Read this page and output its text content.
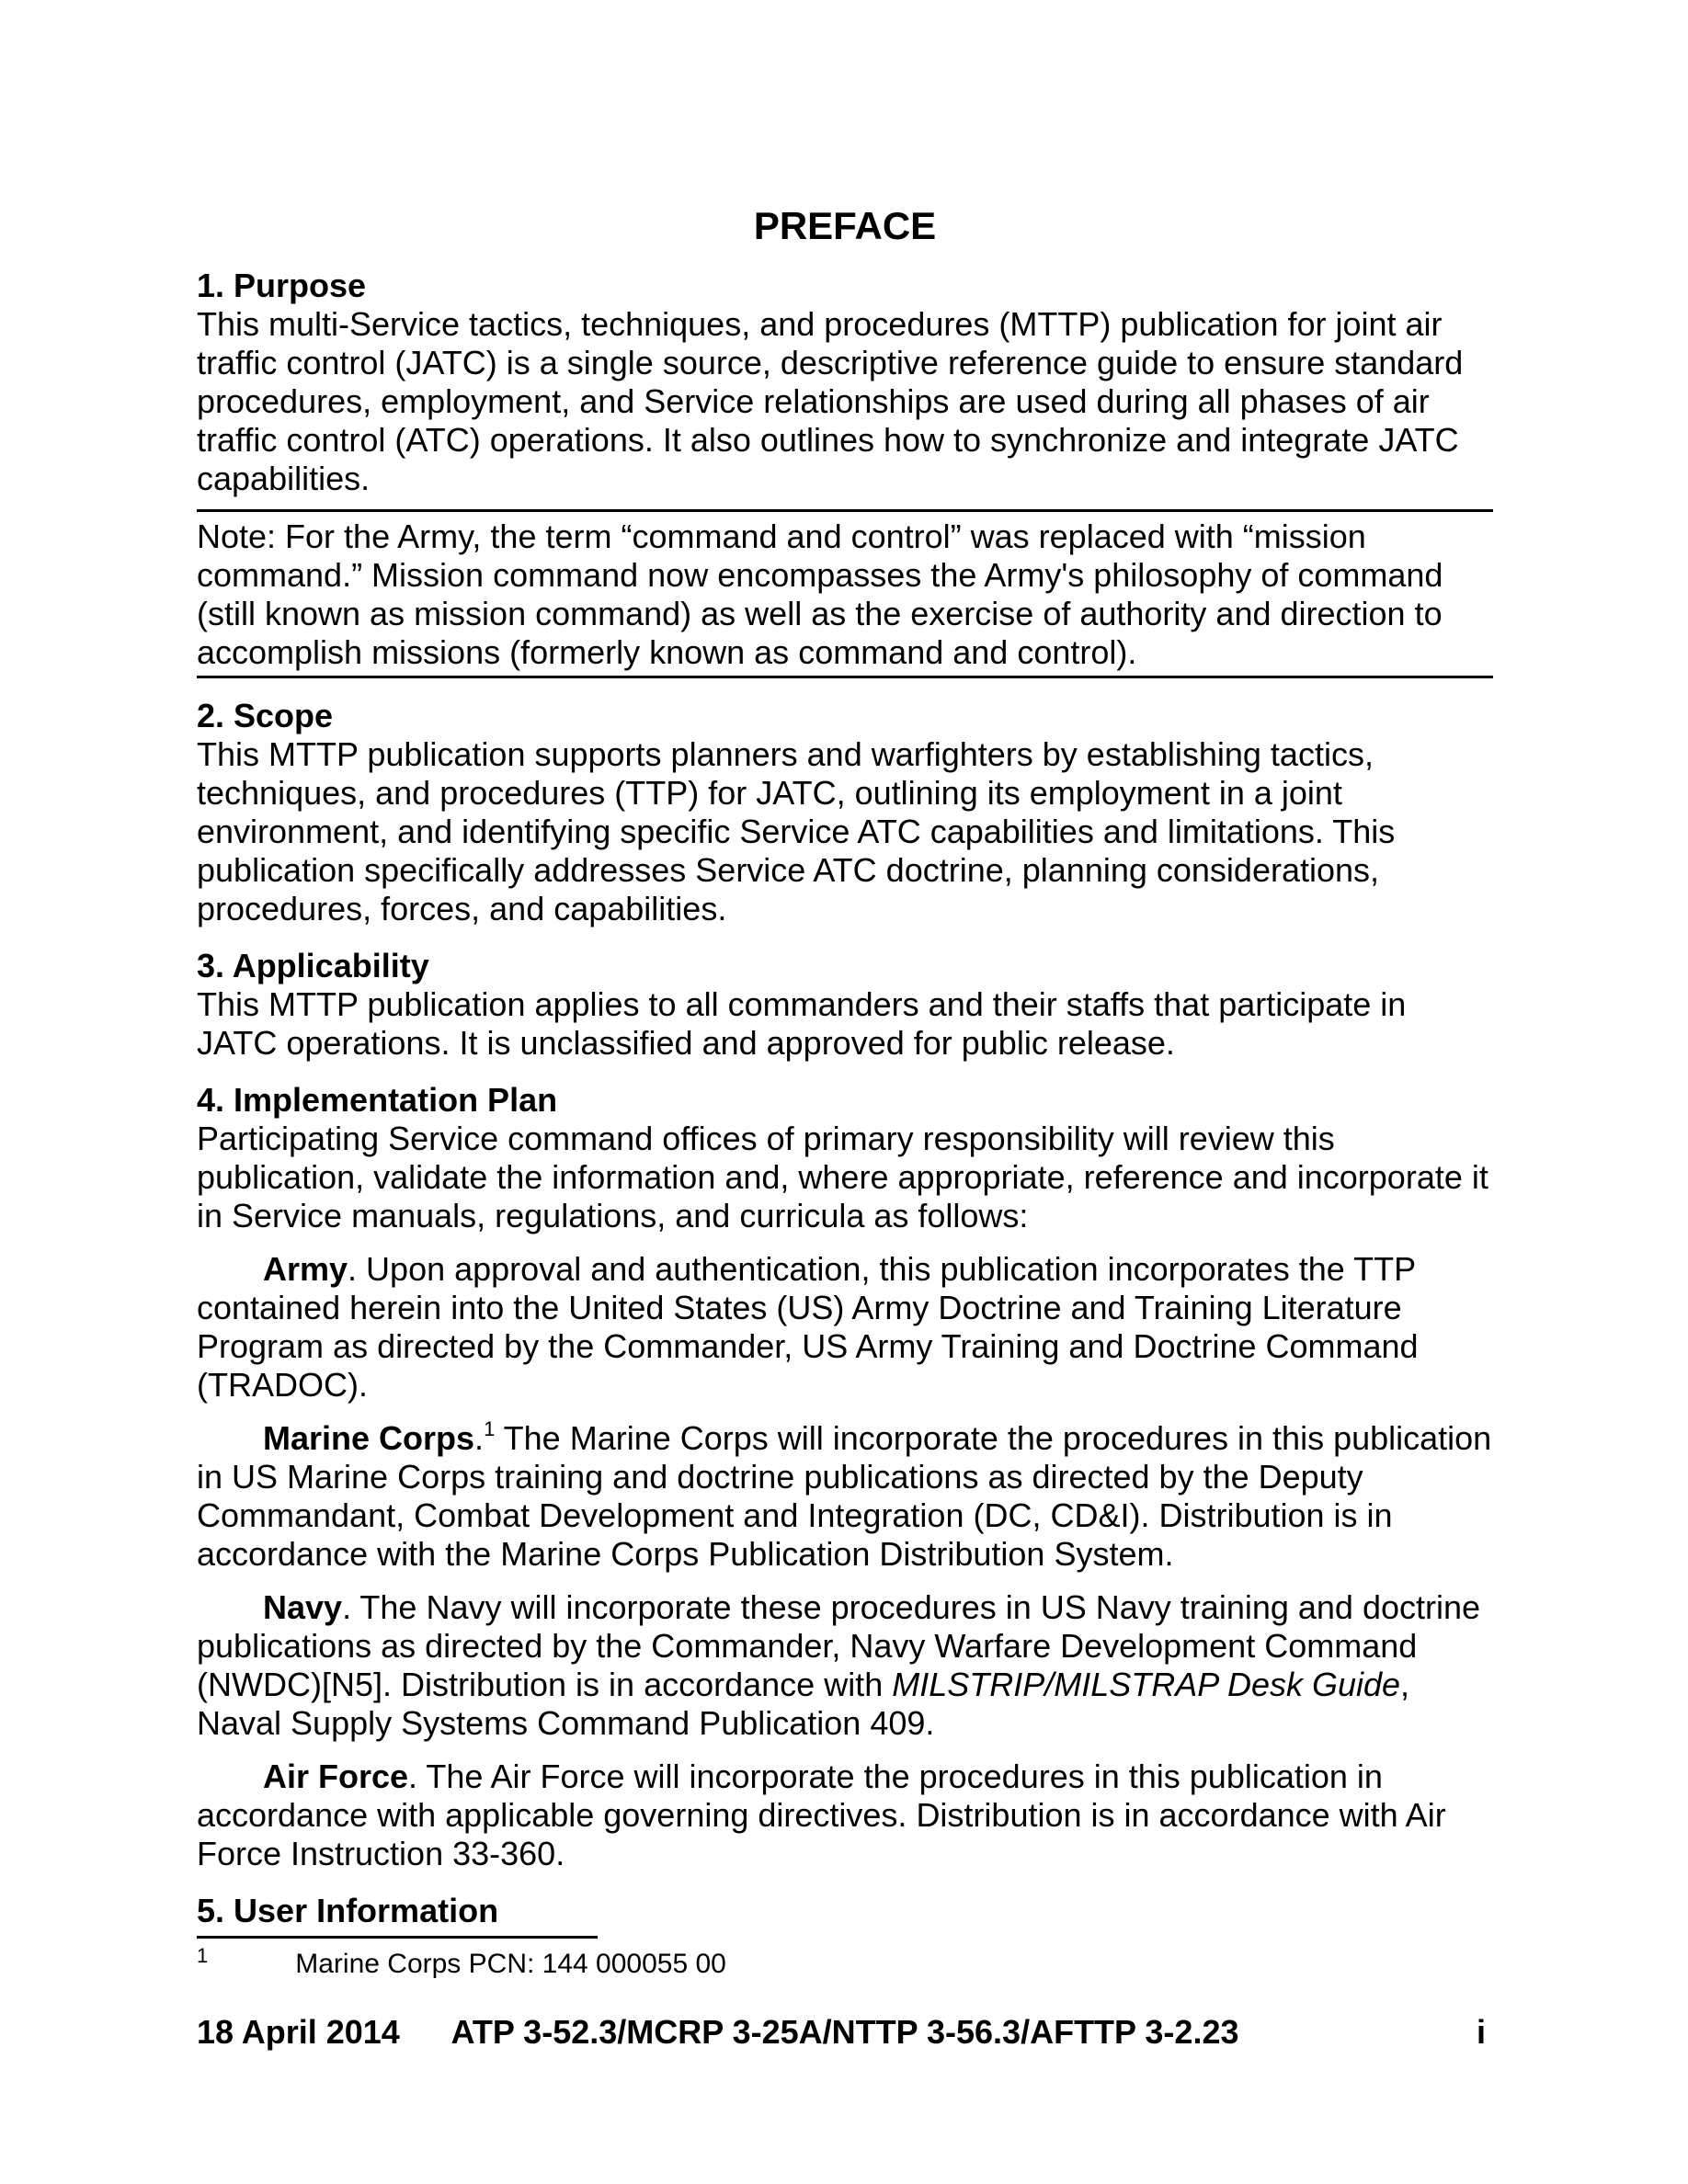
PREFACE
1. Purpose

This multi-Service tactics, techniques, and procedures (MTTP) publication for joint air traffic control (JATC) is a single source, descriptive reference guide to ensure standard procedures, employment, and Service relationships are used during all phases of air traffic control (ATC) operations. It also outlines how to synchronize and integrate JATC capabilities.

Note: For the Army, the term “command and control” was replaced with “mission command.” Mission command now encompasses the Army's philosophy of command (still known as mission command) as well as the exercise of authority and direction to accomplish missions (formerly known as command and control).
2. Scope

This MTTP publication supports planners and warfighters by establishing tactics, techniques, and procedures (TTP) for JATC, outlining its employment in a joint environment, and identifying specific Service ATC capabilities and limitations. This publication specifically addresses Service ATC doctrine, planning considerations, procedures, forces, and capabilities.

3. Applicability

This MTTP publication applies to all commanders and their staffs that participate in JATC operations. It is unclassified and approved for public release.

4. Implementation Plan

Participating Service command offices of primary responsibility will review this publication, validate the information and, where appropriate, reference and incorporate it in Service manuals, regulations, and curricula as follows:

Army. Upon approval and authentication, this publication incorporates the TTP contained herein into the United States (US) Army Doctrine and Training Literature Program as directed by the Commander, US Army Training and Doctrine Command (TRADOC).

Marine Corps.$^1$ The Marine Corps will incorporate the procedures in this publication in US Marine Corps training and doctrine publications as directed by the Deputy Commandant, Combat Development and Integration (DC, CD&I). Distribution is in accordance with the Marine Corps Publication Distribution System.

Navy. The Navy will incorporate these procedures in US Navy training and doctrine publications as directed by the Commander, Navy Warfare Development Command (NWDC)[N5]. Distribution is in accordance with MILSTRIP/MILSTRAP Desk Guide, Naval Supply Systems Command Publication 409.

Air Force. The Air Force will incorporate the procedures in this publication in accordance with applicable governing directives. Distribution is in accordance with Air Force Instruction 33-360.

5. User Information
$^1$	Marine Corps PCN: 144 000055 00
ATP 3-52.3/MCRP 3-25A/NTTP 3-56.3/AFTTP 3-2.23
18 April 2014	i
